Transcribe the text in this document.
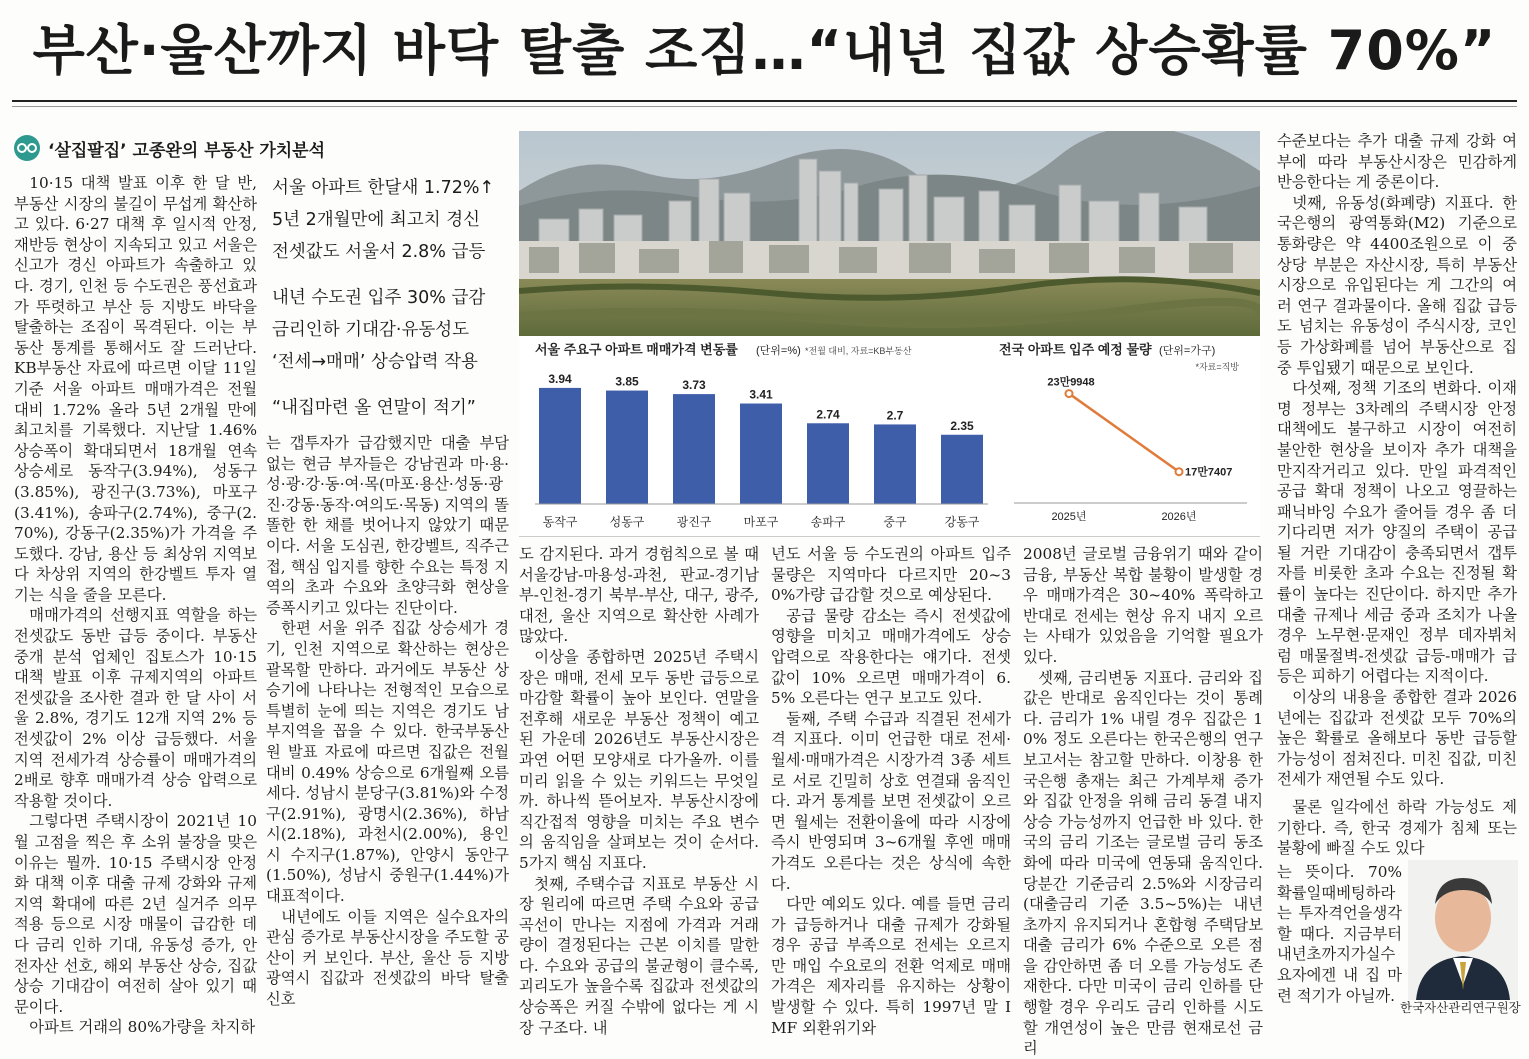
부산·울산까지 바닥 탈출 조짐…“내년 집값 상승확률 70%”
‘살집팔집’ 고종완의 부동산 가치분석
서울 아파트 한달새 1.72%↑
5년 2개월만에 최고치 경신
전셋값도 서울서 2.8% 급등
내년 수도권 입주 30% 급감
금리인하 기대감·유동성도
‘전세→매매’ 상승압력 작용
“내집마련 올 연말이 적기”

10·15 대책 발표 이후 한 달 반, 부동산 시장의 불길이 무섭게 확산하고 있다. 6·27 대책 후 일시적 안정, 재반등 현상이 지속되고 있고 서울은 신고가 경신 아파트가 속출하고 있다. 경기, 인천 등 수도권은 풍선효과가 뚜렷하고 부산 등 지방도 바닥을 탈출하는 조짐이 목격된다. 이는 부동산 통계를 통해서도 잘 드러난다. KB부동산 자료에 따르면 이달 11일 기준 서울 아파트 매매가격은 전월 대비 1.72% 올라 5년 2개월 만에 최고치를 기록했다. 지난달 1.46% 상승폭이 확대되면서 18개월 연속 상승세로 동작구(3.94%), 성동구(3.85%), 광진구(3.73%), 마포구(3.41%), 송파구(2.74%), 중구(2.70%), 강동구(2.35%)가 가격을 주도했다. 강남, 용산 등 최상위 지역보다 차상위 지역의 한강벨트 투자 열기는 식을 줄을 모른다.

매매가격의 선행지표 역할을 하는 전셋값도 동반 급등 중이다. 부동산 중개 분석 업체인 집토스가 10·15 대책 발표 이후 규제지역의 아파트 전셋값을 조사한 결과 한 달 사이 서울 2.8%, 경기도 12개 지역 2% 등 전셋값이 2% 이상 급등했다. 서울 지역 전세가격 상승률이 매매가격의 2배로 향후 매매가격 상승 압력으로 작용할 것이다.

그렇다면 주택시장이 2021년 10월 고점을 찍은 후 소위 불장을 맞은 이유는 뭘까. 10·15 주택시장 안정화 대책 이후 대출 규제 강화와 규제지역 확대에 따른 2년 실거주 의무 적용 등으로 시장 매물이 급감한 데다 금리 인하 기대, 유동성 증가, 안전자산 선호, 해외 부동산 상승, 집값 상승 기대감이 여전히 살아 있기 때문이다.

아파트 거래의 80%가량을 차지하

는 갭투자가 급감했지만 대출 부담 없는 현금 부자들은 강남권과 마·용·성·광·강·동·여·목(마포·용산·성동·광진·강동·동작·여의도·목동) 지역의 똘똘한 한 채를 벗어나지 않았기 때문이다. 서울 도심권, 한강벨트, 직주근접, 핵심 입지를 향한 수요는 특정 지역의 초과 수요와 초양극화 현상을 증폭시키고 있다는 진단이다.

한편 서울 위주 집값 상승세가 경기, 인천 지역으로 확산하는 현상은 괄목할 만하다. 과거에도 부동산 상승기에 나타나는 전형적인 모습으로 특별히 눈에 띄는 지역은 경기도 남부지역을 꼽을 수 있다. 한국부동산원 발표 자료에 따르면 집값은 전월 대비 0.49% 상승으로 6개월째 오름세다. 성남시 분당구(3.81%)와 수정구(2.91%), 광명시(2.36%), 하남시(2.18%), 과천시(2.00%), 용인시 수지구(1.87%), 안양시 동안구(1.50%), 성남시 중원구(1.44%)가 대표적이다.

내년에도 이들 지역은 실수요자의 관심 증가로 부동산시장을 주도할 공산이 커 보인다. 부산, 울산 등 지방 광역시 집값과 전셋값의 바닥 탈출 신호

도 감지된다. 과거 경험칙으로 볼 때 서울강남-마용성-과천, 판교-경기남부-인천-경기 북부-부산, 대구, 광주, 대전, 울산 지역으로 확산한 사례가 많았다.

이상을 종합하면 2025년 주택시장은 매매, 전세 모두 동반 급등으로 마감할 확률이 높아 보인다. 연말을 전후해 새로운 부동산 정책이 예고된 가운데 2026년도 부동산시장은 과연 어떤 모양새로 다가올까. 이를 미리 읽을 수 있는 키워드는 무엇일까. 하나씩 뜯어보자. 부동산시장에 직간접적 영향을 미치는 주요 변수의 움직임을 살펴보는 것이 순서다. 5가지 핵심 지표다.

첫째, 주택수급 지표로 부동산 시장 원리에 따르면 주택 수요와 공급 곡선이 만나는 지점에 가격과 거래량이 결정된다는 근본 이치를 말한다. 수요와 공급의 불균형이 클수록, 괴리도가 높을수록 집값과 전셋값의 상승폭은 커질 수밖에 없다는 게 시장 구조다. 내

년도 서울 등 수도권의 아파트 입주 물량은 지역마다 다르지만 20~30%가량 급감할 것으로 예상된다.

공급 물량 감소는 즉시 전셋값에 영향을 미치고 매매가격에도 상승 압력으로 작용한다는 얘기다. 전셋값이 10% 오르면 매매가격이 6.5% 오른다는 연구 보고도 있다.

둘째, 주택 수급과 직결된 전세가격 지표다. 이미 언급한 대로 전세·월세·매매가격은 시장가격 3종 세트로 서로 긴밀히 상호 연결돼 움직인다. 과거 통계를 보면 전셋값이 오르면 월세는 전환이율에 따라 시장에 즉시 반영되며 3~6개월 후엔 매매가격도 오른다는 것은 상식에 속한다.

다만 예외도 있다. 예를 들면 금리가 급등하거나 대출 규제가 강화될 경우 공급 부족으로 전세는 오르지만 매입 수요로의 전환 억제로 매매가격은 제자리를 유지하는 상황이 발생할 수 있다. 특히 1997년 말 IMF 외환위기와

2008년 글로벌 금융위기 때와 같이 금융, 부동산 복합 불황이 발생할 경우 매매가격은 30~40% 폭락하고 반대로 전세는 현상 유지 내지 오르는 사태가 있었음을 기억할 필요가 있다.

셋째, 금리변동 지표다. 금리와 집값은 반대로 움직인다는 것이 통례다. 금리가 1% 내릴 경우 집값은 10% 정도 오른다는 한국은행의 연구 보고서는 참고할 만하다. 이창용 한국은행 총재는 최근 가계부채 증가와 집값 안정을 위해 금리 동결 내지 상승 가능성까지 언급한 바 있다. 한국의 금리 기조는 글로벌 금리 동조화에 따라 미국에 연동돼 움직인다. 당분간 기준금리 2.5%와 시장금리(대출금리 기준 3.5~5%)는 내년 초까지 유지되거나 혼합형 주택담보대출 금리가 6% 수준으로 오른 점을 감안하면 좀 더 오를 가능성도 존재한다. 다만 미국이 금리 인하를 단행할 경우 우리도 금리 인하를 시도할 개연성이 높은 만큼 현재로선 금리

수준보다는 추가 대출 규제 강화 여부에 따라 부동산시장은 민감하게 반응한다는 게 중론이다.

넷째, 유동성(화폐량) 지표다. 한국은행의 광역통화(M2) 기준으로 통화량은 약 4400조원으로 이 중 상당 부분은 자산시장, 특히 부동산시장으로 유입된다는 게 그간의 여러 연구 결과물이다. 올해 집값 급등도 넘치는 유동성이 주식시장, 코인 등 가상화폐를 넘어 부동산으로 집중 투입됐기 때문으로 보인다.

다섯째, 정책 기조의 변화다. 이재명 정부는 3차례의 주택시장 안정 대책에도 불구하고 시장이 여전히 불안한 현상을 보이자 추가 대책을 만지작거리고 있다. 만일 파격적인 공급 확대 정책이 나오고 영끌하는 패닉바잉 수요가 줄어들 경우 좀 더 기다리면 저가 양질의 주택이 공급될 거란 기대감이 충족되면서 갭투자를 비롯한 초과 수요는 진정될 확률이 높다는 진단이다. 하지만 추가 대출 규제나 세금 중과 조치가 나올 경우 노무현·문재인 정부 데자뷔처럼 매물절벽-전셋값 급등-매매가 급등은 피하기 어렵다는 지적이다.

이상의 내용을 종합한 결과 2026년에는 집값과 전셋값 모두 70%의 높은 확률로 올해보다 동반 급등할 가능성이 점쳐진다. 미친 집값, 미친 전세가 재연될 수도 있다.

물론 일각에선 하락 가능성도 제기한다. 즉, 한국 경제가 침체 또는 불황에 빠질 수도 있다

는 뜻이다. 70% 확률일때베팅하라는 투자격언을생각할 때다. 지금부터 내년초까지가실수요자에겐 내 집 마련 적기가 아닐까.

서울 주요구 아파트 매매가격 변동률 (단위=%) *전월 대비, 자료=KB부동산	전국 아파트 입주 예정 물량 (단위=가구)
*자료=직방
3.94
동작구
3.85
성동구
3.73
광진구
3.41
마포구
2.74
송파구
2.7
중구
2.35
강동구
23만9948
2025년
17만7407
2026년
한국자산관리연구원장
